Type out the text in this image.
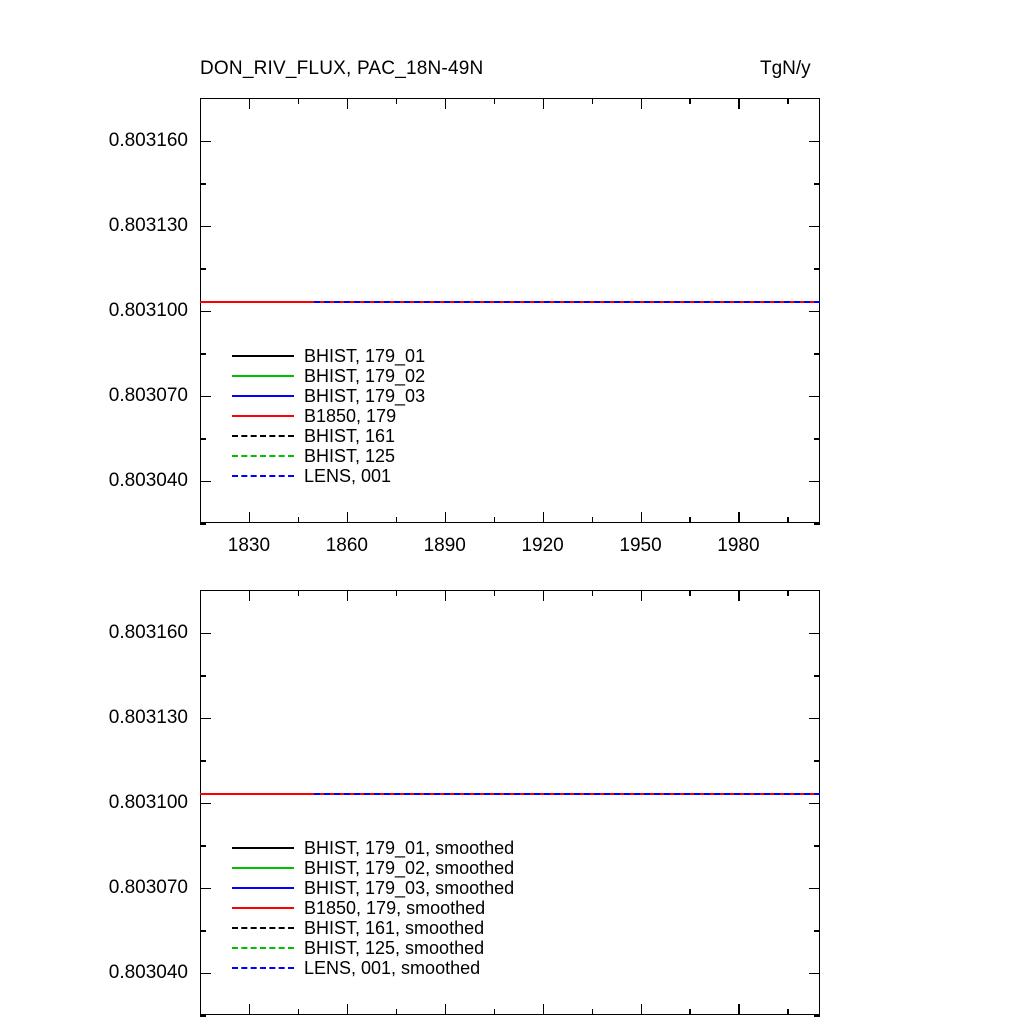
DON_RIV_FLUX, PAC_18N-49N	TgN/y
0.803160
0.803130
0.803100
0.803070
0.803040
1830	1860	1890	1920	1950	1980
BHIST, 179_01
BHIST, 179_02
BHIST, 179_03
B1850, 179
BHIST, 161
BHIST, 125
LENS, 001
0.803160
0.803130
0.803100
0.803070
0.803040
BHIST, 179_01, smoothed
BHIST, 179_02, smoothed
BHIST, 179_03, smoothed
B1850, 179, smoothed
BHIST, 161, smoothed
BHIST, 125, smoothed
LENS, 001, smoothed
